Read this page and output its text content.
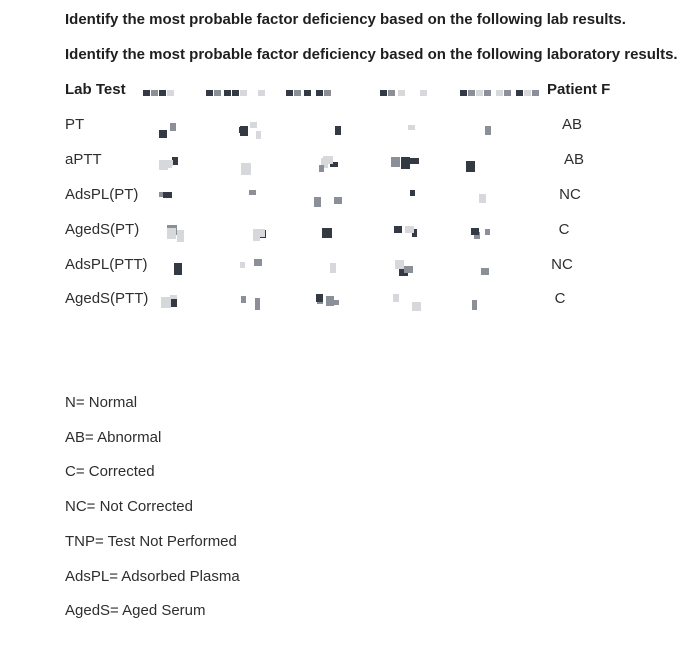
Identify the most probable factor deficiency based on the following lab results.
Identify the most probable factor deficiency based on the following laboratory results.
Lab Test	Patient F
PT
aPTT
AdsPL(PT)
AgedS(PT)
AdsPL(PTT)
AgedS(PTT)
AB
AB
NC
C
NC
C
N= Normal
AB= Abnormal
C= Corrected
NC= Not Corrected
TNP= Test Not Performed
AdsPL= Adsorbed Plasma
AgedS= Aged Serum
